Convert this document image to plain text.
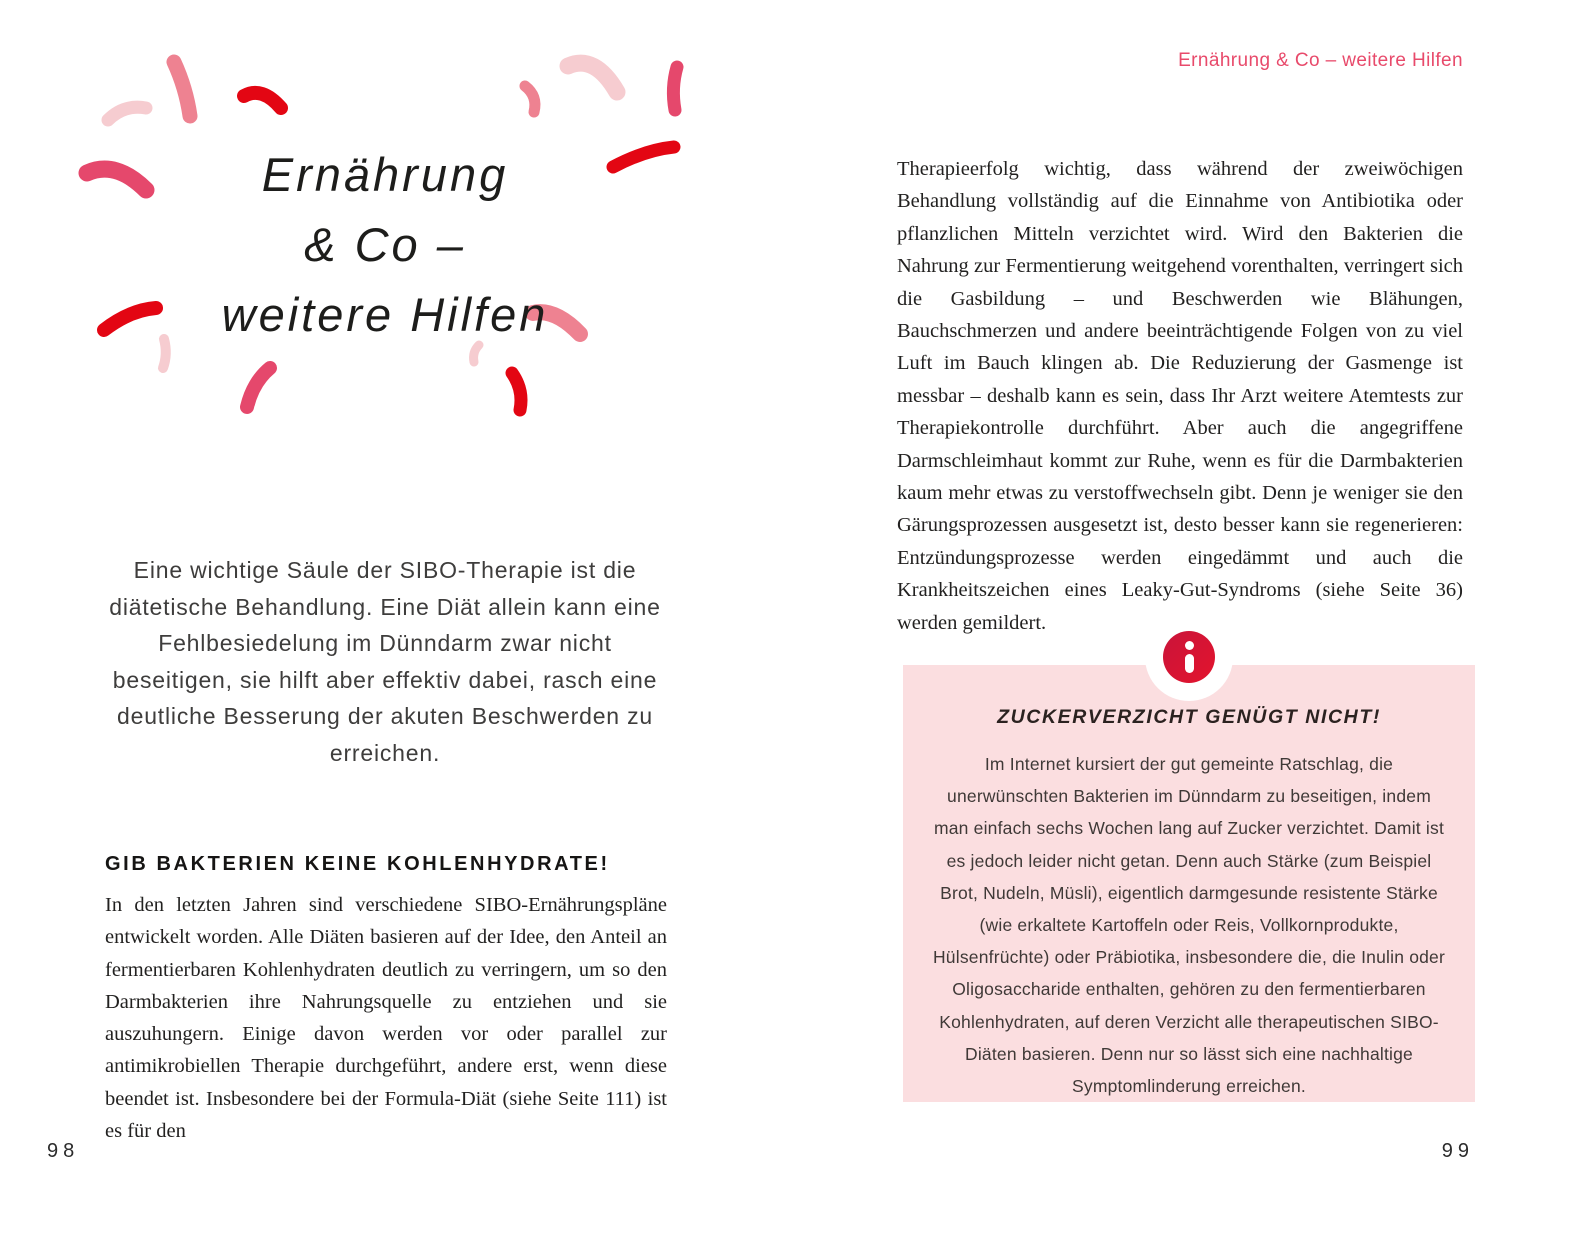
Ernährung
& Co –
weitere Hilfen

Eine wichtige Säule der SIBO-Therapie ist die diätetische Behandlung. Eine Diät allein kann eine Fehlbesiedelung im Dünndarm zwar nicht beseitigen, sie hilft aber effektiv dabei, rasch eine deutliche Besserung der akuten Beschwerden zu erreichen.

GIB BAKTERIEN KEINE KOHLENHYDRATE!

In den letzten Jahren sind verschiedene SIBO-Ernährungspläne entwickelt worden. Alle Diäten basieren auf der Idee, den Anteil an fermentierbaren Kohlenhydraten deutlich zu verringern, um so den Darmbakterien ihre Nahrungsquelle zu entziehen und sie auszuhungern. Einige davon werden vor oder parallel zur antimikrobiellen Therapie durchgeführt, andere erst, wenn diese beendet ist. Insbesondere bei der Formula-Diät (siehe Seite 111) ist es für den

98
Ernährung & Co – weitere Hilfen

Therapieerfolg wichtig, dass während der zweiwöchigen Behandlung vollständig auf die Einnahme von Antibiotika oder pflanzlichen Mitteln verzichtet wird. Wird den Bakterien die Nahrung zur Fermentierung weitgehend vorenthalten, verringert sich die Gasbildung – und Beschwerden wie Blähungen, Bauchschmerzen und andere beeinträchtigende Folgen von zu viel Luft im Bauch klingen ab. Die Reduzierung der Gasmenge ist messbar – deshalb kann es sein, dass Ihr Arzt weitere Atemtests zur Therapiekontrolle durchführt. Aber auch die angegriffene Darmschleimhaut kommt zur Ruhe, wenn es für die Darmbakterien kaum mehr etwas zu verstoffwechseln gibt. Denn je weniger sie den Gärungsprozessen ausgesetzt ist, desto besser kann sie regenerieren: Entzündungsprozesse werden eingedämmt und auch die Krankheitszeichen eines Leaky-Gut-Syndroms (siehe Seite 36) werden gemildert.

ZUCKERVERZICHT GENÜGT NICHT!

Im Internet kursiert der gut gemeinte Ratschlag, die unerwünschten Bakterien im Dünndarm zu beseitigen, indem man einfach sechs Wochen lang auf Zucker verzichtet. Damit ist es jedoch leider nicht getan. Denn auch Stärke (zum Beispiel Brot, Nudeln, Müsli), eigentlich darmgesunde resistente Stärke (wie erkaltete Kartoffeln oder Reis, Vollkornprodukte, Hülsenfrüchte) oder Präbiotika, insbesondere die, die Inulin oder Oligosaccharide enthalten, gehören zu den fermentierbaren Kohlenhydraten, auf deren Verzicht alle therapeutischen SIBO-Diäten basieren. Denn nur so lässt sich eine nachhaltige Symptomlinderung erreichen.

99
